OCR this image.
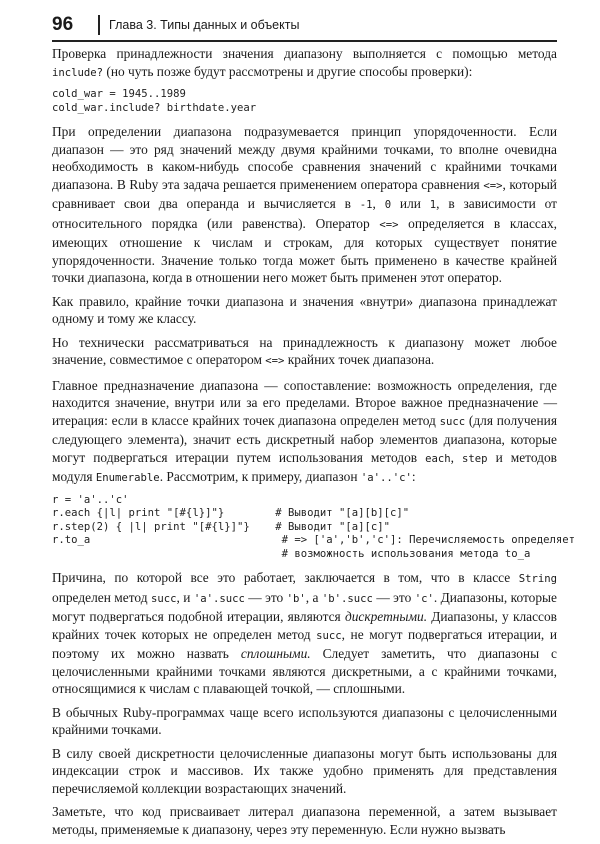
96	Глава 3. Типы данных и объекты

Проверка принадлежности значения диапазону выполняется с помощью метода include? (но чуть позже будут рассмотрены и другие способы проверки):

cold_war = 1945..1989
cold_war.include? birthdate.year

При определении диапазона подразумевается принцип упорядоченности. Если диапазон — это ряд значений между двумя крайними точками, то вполне очевидна необходимость в каком-нибудь способе сравнения значений с крайними точками диапазона. В Ruby эта задача решается применением оператора сравнения <=>, который сравнивает свои два операнда и вычисляется в -1, 0 или 1, в зависимости от относительного порядка (или равенства). Оператор <=> определяется в классах, имеющих отношение к числам и строкам, для которых существует понятие упорядоченности. Значение только тогда может быть применено в качестве крайней точки диапазона, когда в отношении него может быть применен этот оператор.

Как правило, крайние точки диапазона и значения «внутри» диапазона принадлежат одному и тому же классу.

Но технически рассматриваться на принадлежность к диапазону может любое значение, совместимое с оператором <=> крайних точек диапазона.

Главное предназначение диапазона — сопоставление: возможность определения, где находится значение, внутри или за его пределами. Второе важное предназначение — итерация: если в классе крайних точек диапазона определен метод succ (для получения следующего элемента), значит есть дискретный набор элементов диапазона, которые могут подвергаться итерации путем использования методов each, step и методов модуля Enumerable. Рассмотрим, к примеру, диапазон 'a'..'c':

r = 'a'..'c'
r.each {|l| print "[#{l}]"}        # Выводит "[a][b][c]"
r.step(2) { |l| print "[#{l}]"}    # Выводит "[a][c]"
r.to_a                              # => ['a','b','c']: Перечисляемость определяет
# возможность использования метода to_a

Причина, по которой все это работает, заключается в том, что в классе String определен метод succ, и 'a'.succ — это 'b', а 'b'.succ — это 'c'. Диапазоны, которые могут подвергаться подобной итерации, являются дискретными. Диапазоны, у классов крайних точек которых не определен метод succ, не могут подвергаться итерации, и поэтому их можно назвать сплошными. Следует заметить, что диапазоны с целочисленными крайними точками являются дискретными, а с крайними точками, относящимися к числам с плавающей точкой, — сплошными.

В обычных Ruby-программах чаще всего используются диапазоны с целочисленными крайними точками.

В силу своей дискретности целочисленные диапазоны могут быть использованы для индексации строк и массивов. Их также удобно применять для представления перечисляемой коллекции возрастающих значений.

Заметьте, что код присваивает литерал диапазона переменной, а затем вызывает методы, применяемые к диапазону, через эту переменную. Если нужно вызвать
